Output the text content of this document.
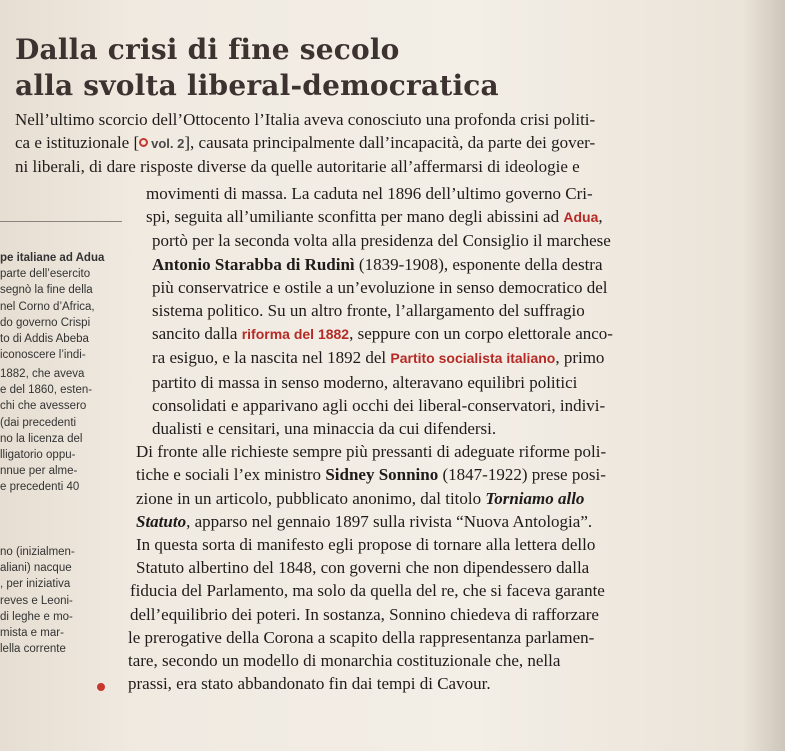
Dalla crisi di fine secolo
alla svolta liberal-democratica
Nell’ultimo scorcio dell’Ottocento l’Italia aveva conosciuto una profonda crisi politi-
ca e istituzionale [ vol. 2], causata principalmente dall’incapacità, da parte dei gover-
ni liberali, di dare risposte diverse da quelle autoritarie all’affermarsi di ideologie e
pe italiane ad Adua
parte dell’esercito
segnò la fine della
nel Corno d’Africa,
do governo Crispi
to di Addis Abeba
iconoscere l’indi-
1882, che aveva
e del 1860, esten-
chi che avessero
(dai precedenti
no la licenza del
lligatorio oppu-
nnue per alme-
e precedenti 40
no (inizialmen-
aliani) nacque
, per iniziativa
reves e Leoni-
di leghe e mo-
mista e mar-
lella corrente
movimenti di massa. La caduta nel 1896 dell’ultimo governo Cri-
spi, seguita all’umiliante sconfitta per mano degli abissini ad Adua,
portò per la seconda volta alla presidenza del Consiglio il marchese
Antonio Starabba di Rudinì (1839-1908), esponente della destra
più conservatrice e ostile a un’evoluzione in senso democratico del
sistema politico. Su un altro fronte, l’allargamento del suffragio
sancito dalla riforma del 1882, seppure con un corpo elettorale anco-
ra esiguo, e la nascita nel 1892 del Partito socialista italiano, primo
partito di massa in senso moderno, alteravano equilibri politici
consolidati e apparivano agli occhi dei liberal-conservatori, indivi-
dualisti e censitari, una minaccia da cui difendersi.
Di fronte alle richieste sempre più pressanti di adeguate riforme poli-
tiche e sociali l’ex ministro Sidney Sonnino (1847-1922) prese posi-
zione in un articolo, pubblicato anonimo, dal titolo Torniamo allo
Statuto, apparso nel gennaio 1897 sulla rivista “Nuova Antologia”.
In questa sorta di manifesto egli propose di tornare alla lettera dello
Statuto albertino del 1848, con governi che non dipendessero dalla
fiducia del Parlamento, ma solo da quella del re, che si faceva garante
dell’equilibrio dei poteri. In sostanza, Sonnino chiedeva di rafforzare
le prerogative della Corona a scapito della rappresentanza parlamen-
tare, secondo un modello di monarchia costituzionale che, nella
prassi, era stato abbandonato fin dai tempi di Cavour.
